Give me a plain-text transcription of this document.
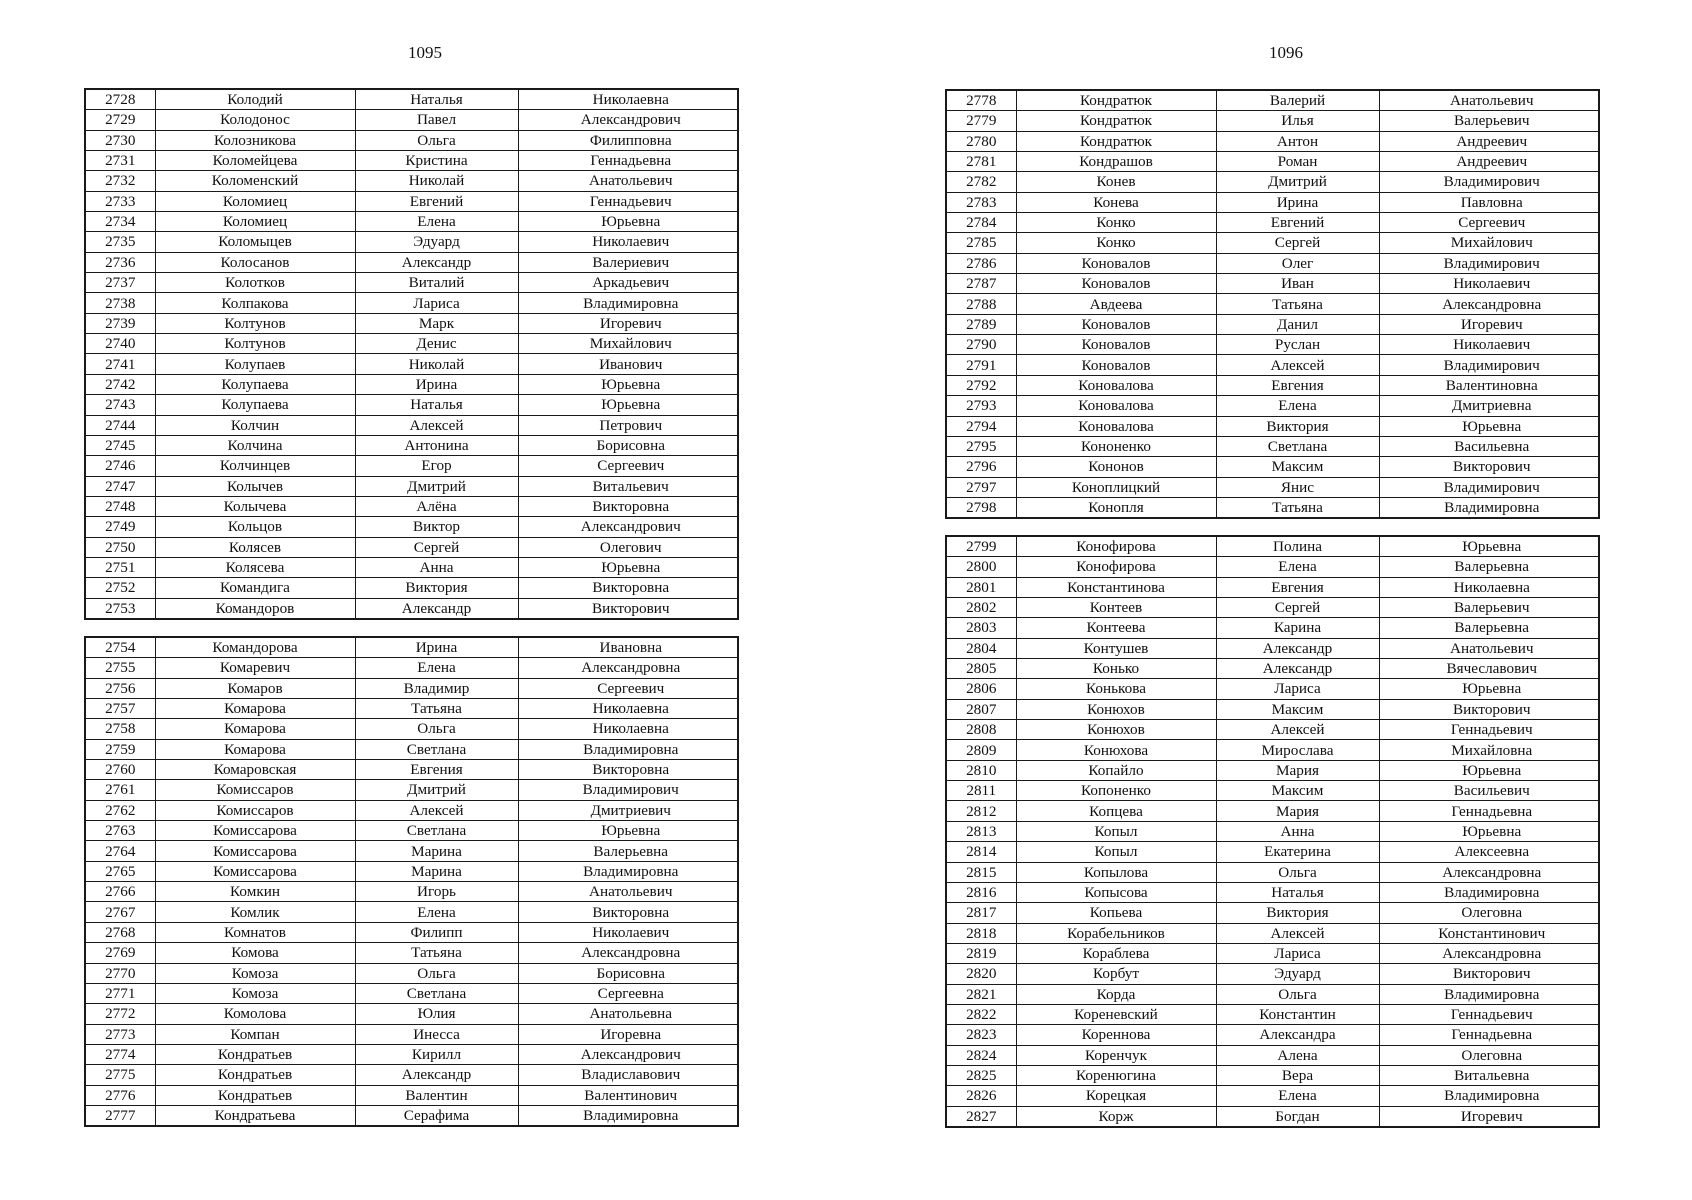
1095	1096
2728	Колодий	Наталья	Николаевна
2729	Колодонос	Павел	Александрович
2730	Колозникова	Ольга	Филипповна
2731	Коломейцева	Кристина	Геннадьевна
2732	Коломенский	Николай	Анатольевич
2733	Коломиец	Евгений	Геннадьевич
2734	Коломиец	Елена	Юрьевна
2735	Коломыцев	Эдуард	Николаевич
2736	Колосанов	Александр	Валериевич
2737	Колотков	Виталий	Аркадьевич
2738	Колпакова	Лариса	Владимировна
2739	Колтунов	Марк	Игоревич
2740	Колтунов	Денис	Михайлович
2741	Колупаев	Николай	Иванович
2742	Колупаева	Ирина	Юрьевна
2743	Колупаева	Наталья	Юрьевна
2744	Колчин	Алексей	Петрович
2745	Колчина	Антонина	Борисовна
2746	Колчинцев	Егор	Сергеевич
2747	Колычев	Дмитрий	Витальевич
2748	Колычева	Алёна	Викторовна
2749	Кольцов	Виктор	Александрович
2750	Колясев	Сергей	Олегович
2751	Колясева	Анна	Юрьевна
2752	Командига	Виктория	Викторовна
2753	Командоров	Александр	Викторович
2754	Командорова	Ирина	Ивановна
2755	Комаревич	Елена	Александровна
2756	Комаров	Владимир	Сергеевич
2757	Комарова	Татьяна	Николаевна
2758	Комарова	Ольга	Николаевна
2759	Комарова	Светлана	Владимировна
2760	Комаровская	Евгения	Викторовна
2761	Комиссаров	Дмитрий	Владимирович
2762	Комиссаров	Алексей	Дмитриевич
2763	Комиссарова	Светлана	Юрьевна
2764	Комиссарова	Марина	Валерьевна
2765	Комиссарова	Марина	Владимировна
2766	Комкин	Игорь	Анатольевич
2767	Комлик	Елена	Викторовна
2768	Комнатов	Филипп	Николаевич
2769	Комова	Татьяна	Александровна
2770	Комоза	Ольга	Борисовна
2771	Комоза	Светлана	Сергеевна
2772	Комолова	Юлия	Анатольевна
2773	Компан	Инесса	Игоревна
2774	Кондратьев	Кирилл	Александрович
2775	Кондратьев	Александр	Владиславович
2776	Кондратьев	Валентин	Валентинович
2777	Кондратьева	Серафима	Владимировна
2778	Кондратюк	Валерий	Анатольевич
2779	Кондратюк	Илья	Валерьевич
2780	Кондратюк	Антон	Андреевич
2781	Кондрашов	Роман	Андреевич
2782	Конев	Дмитрий	Владимирович
2783	Конева	Ирина	Павловна
2784	Конко	Евгений	Сергеевич
2785	Конко	Сергей	Михайлович
2786	Коновалов	Олег	Владимирович
2787	Коновалов	Иван	Николаевич
2788	Авдеева	Татьяна	Александровна
2789	Коновалов	Данил	Игоревич
2790	Коновалов	Руслан	Николаевич
2791	Коновалов	Алексей	Владимирович
2792	Коновалова	Евгения	Валентиновна
2793	Коновалова	Елена	Дмитриевна
2794	Коновалова	Виктория	Юрьевна
2795	Кононенко	Светлана	Васильевна
2796	Кононов	Максим	Викторович
2797	Коноплицкий	Янис	Владимирович
2798	Конопля	Татьяна	Владимировна
2799	Конофирова	Полина	Юрьевна
2800	Конофирова	Елена	Валерьевна
2801	Константинова	Евгения	Николаевна
2802	Контеев	Сергей	Валерьевич
2803	Контеева	Карина	Валерьевна
2804	Контушев	Александр	Анатольевич
2805	Конько	Александр	Вячеславович
2806	Конькова	Лариса	Юрьевна
2807	Конюхов	Максим	Викторович
2808	Конюхов	Алексей	Геннадьевич
2809	Конюхова	Мирослава	Михайловна
2810	Копайло	Мария	Юрьевна
2811	Копоненко	Максим	Васильевич
2812	Копцева	Мария	Геннадьевна
2813	Копыл	Анна	Юрьевна
2814	Копыл	Екатерина	Алексеевна
2815	Копылова	Ольга	Александровна
2816	Копысова	Наталья	Владимировна
2817	Копьева	Виктория	Олеговна
2818	Корабельников	Алексей	Константинович
2819	Кораблева	Лариса	Александровна
2820	Корбут	Эдуард	Викторович
2821	Корда	Ольга	Владимировна
2822	Кореневский	Константин	Геннадьевич
2823	Кореннова	Александра	Геннадьевна
2824	Коренчук	Алена	Олеговна
2825	Коренюгина	Вера	Витальевна
2826	Корецкая	Елена	Владимировна
2827	Корж	Богдан	Игоревич
